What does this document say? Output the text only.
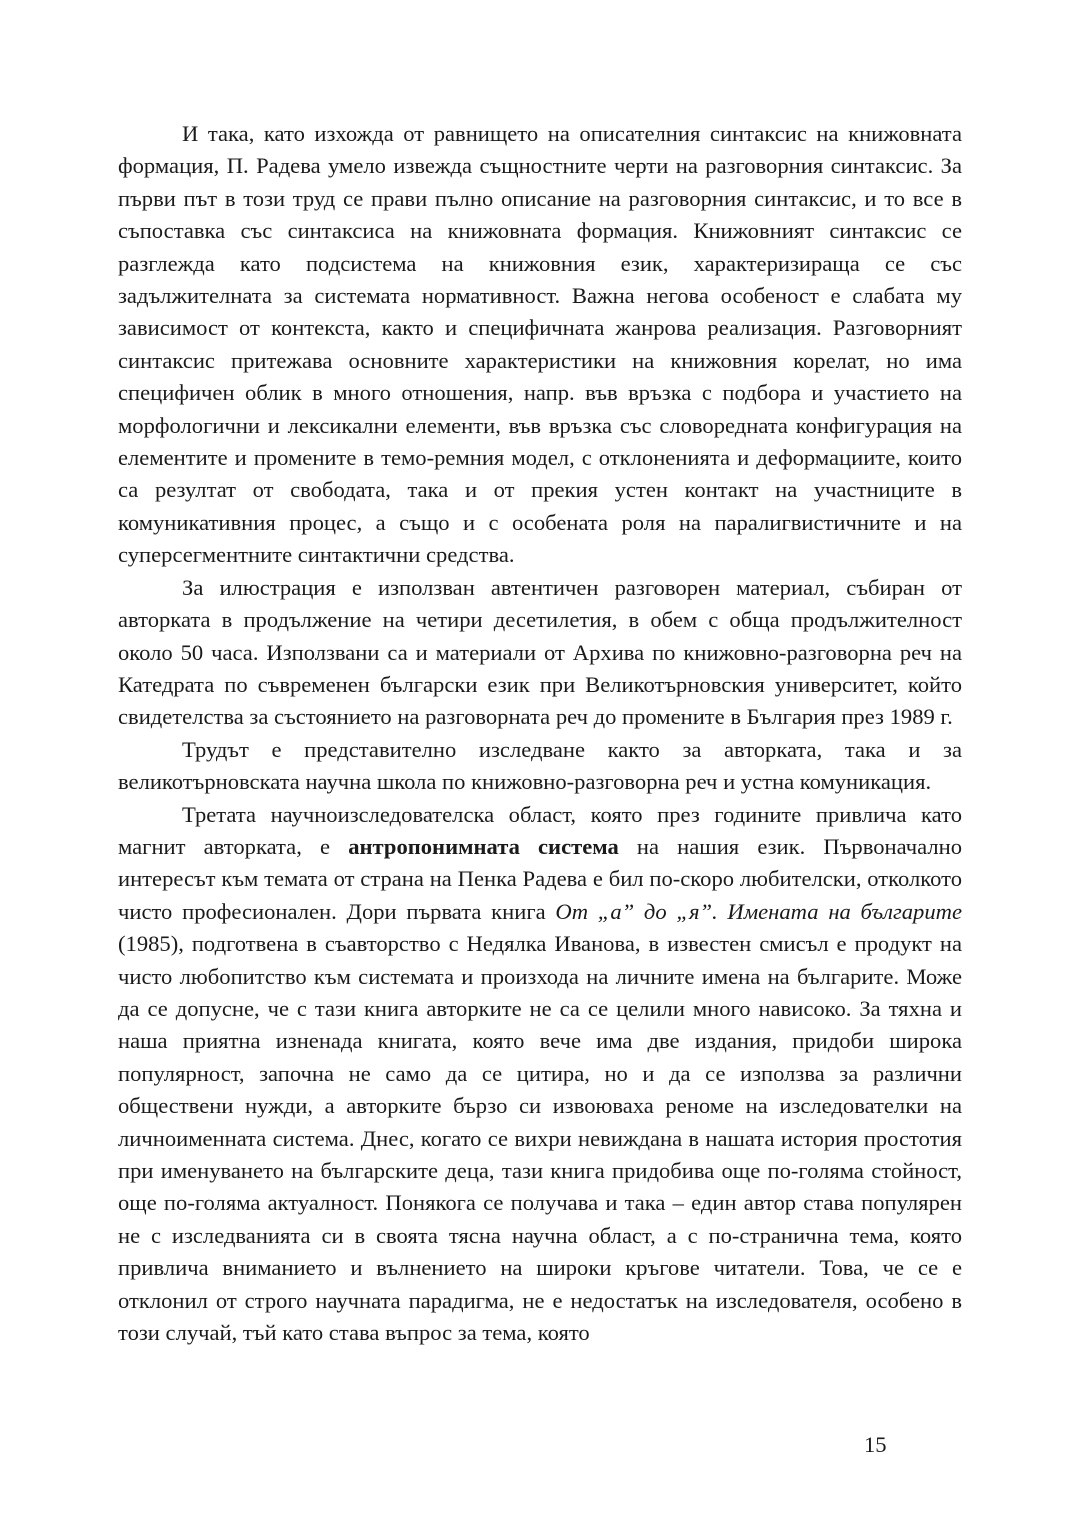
И така, като изхожда от равнището на описателния синтаксис на книжовната формация, П. Радева умело извежда същностните черти на разговорния синтаксис. За първи път в този труд се прави пълно описание на разговорния синтаксис, и то все в съпоставка със синтаксиса на книжовната формация. Книжовният синтаксис се разглежда като подсистема на книжовния език, характеризираща се със задължителната за системата нормативност. Важна негова особеност е слабата му зависимост от контекста, както и специфичната жанрова реализация. Разговорният синтаксис притежава основните характеристики на книжовния корелат, но има специфичен облик в много отношения, напр. във връзка с подбора и участието на морфологични и лексикални елементи, във връзка със словоредната конфигурация на елементите и промените в темо-ремния модел, с отклоненията и деформациите, които са резултат от свободата, така и от прекия устен контакт на участниците в комуникативния процес, а също и с особената роля на паралигвистичните и на суперсегментните синтактични средства.

За илюстрация е използван автентичен разговорен материал, събиран от авторката в продължение на четири десетилетия, в обем с обща продължителност около 50 часа. Използвани са и материали от Архива по книжовно-разговорна реч на Катедрата по съвременен български език при Великотърновския университет, който свидетелства за състоянието на разговорната реч до промените в България през 1989 г.

Трудът е представително изследване както за авторката, така и за великотърновската научна школа по книжовно-разговорна реч и устна комуникация.

Третата научноизследователска област, която през годините привлича като магнит авторката, е антропонимната система на нашия език. Първоначално интересът към темата от страна на Пенка Радева е бил по-скоро любителски, отколкото чисто професионален. Дори първата книга От „а” до „я”. Имената на българите (1985), подготвена в съавторство с Недялка Иванова, в известен смисъл е продукт на чисто любопитство към системата и произхода на личните имена на българите. Може да се допусне, че с тази книга авторките не са се целили много нависоко. За тяхна и наша приятна изненада книгата, която вече има две издания, придоби широка популярност, започна не само да се цитира, но и да се използва за различни обществени нужди, а авторките бързо си извоюваха реноме на изследователки на личноименната система. Днес, когато се вихри невиждана в нашата история простотия при именуването на българските деца, тази книга придобива още по-голяма стойност, още по-голяма актуалност. Понякога се получава и така – един автор става популярен не с изследванията си в своята тясна научна област, а с по-странична тема, която привлича вниманието и вълнението на широки кръгове читатели. Това, че се е отклонил от строго научната парадигма, не е недостатък на изследователя, особено в този случай, тъй като става въпрос за тема, която

15
